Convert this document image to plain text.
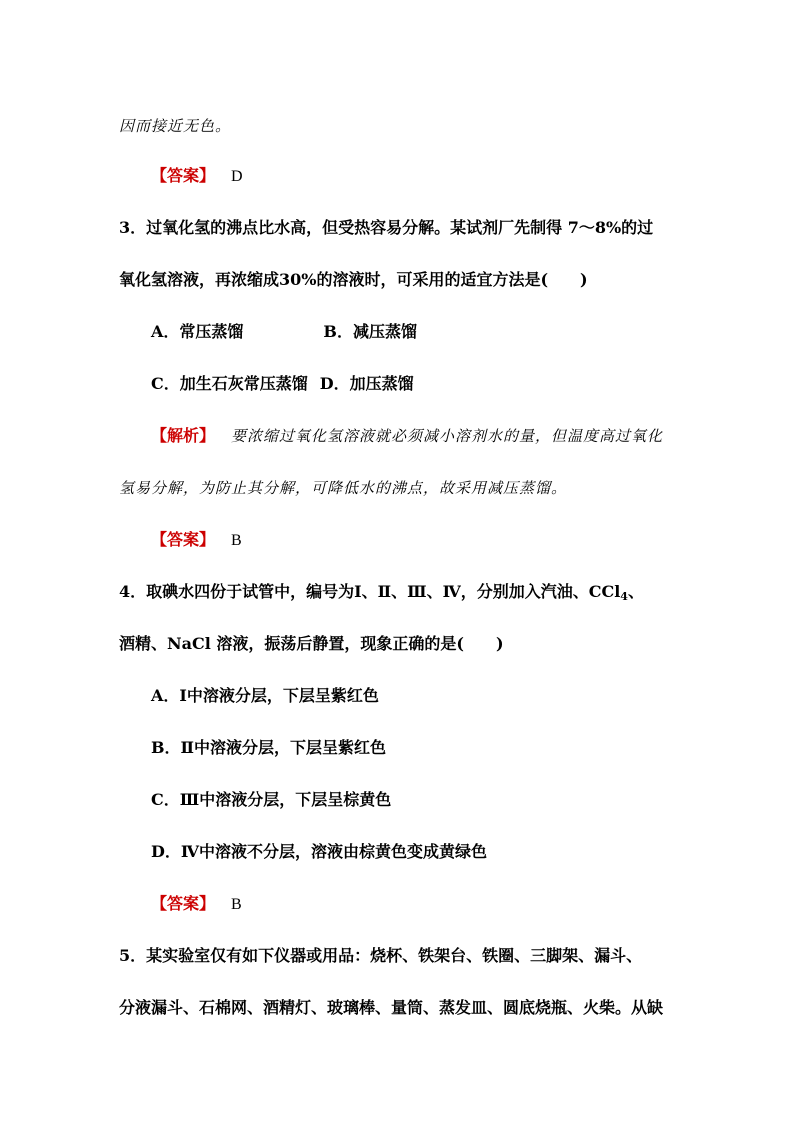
因而接近无色。
【答案】 D
3．过氧化氢的沸点比水高，但受热容易分解。某试剂厂先制得 7～8%的过
氧化氢溶液，再浓缩成30%的溶液时，可采用的适宜方法是(　　)
A．常压蒸馏	B．减压蒸馏
C．加生石灰常压蒸馏 D．加压蒸馏
【解析】 要浓缩过氧化氢溶液就必须减小溶剂水的量，但温度高过氧化
氢易分解，为防止其分解，可降低水的沸点，故采用减压蒸馏。
【答案】 B
4．取碘水四份于试管中，编号为Ⅰ、Ⅱ、Ⅲ、Ⅳ，分别加入汽油、CCl$_4$、
酒精、NaCl 溶液，振荡后静置，现象正确的是(　　)
A．Ⅰ中溶液分层，下层呈紫红色
B．Ⅱ中溶液分层，下层呈紫红色
C．Ⅲ中溶液分层，下层呈棕黄色
D．Ⅳ中溶液不分层，溶液由棕黄色变成黄绿色
【答案】 B
5．某实验室仅有如下仪器或用品：烧杯、铁架台、铁圈、三脚架、漏斗、
分液漏斗、石棉网、酒精灯、玻璃棒、量筒、蒸发皿、圆底烧瓶、火柴。从缺
